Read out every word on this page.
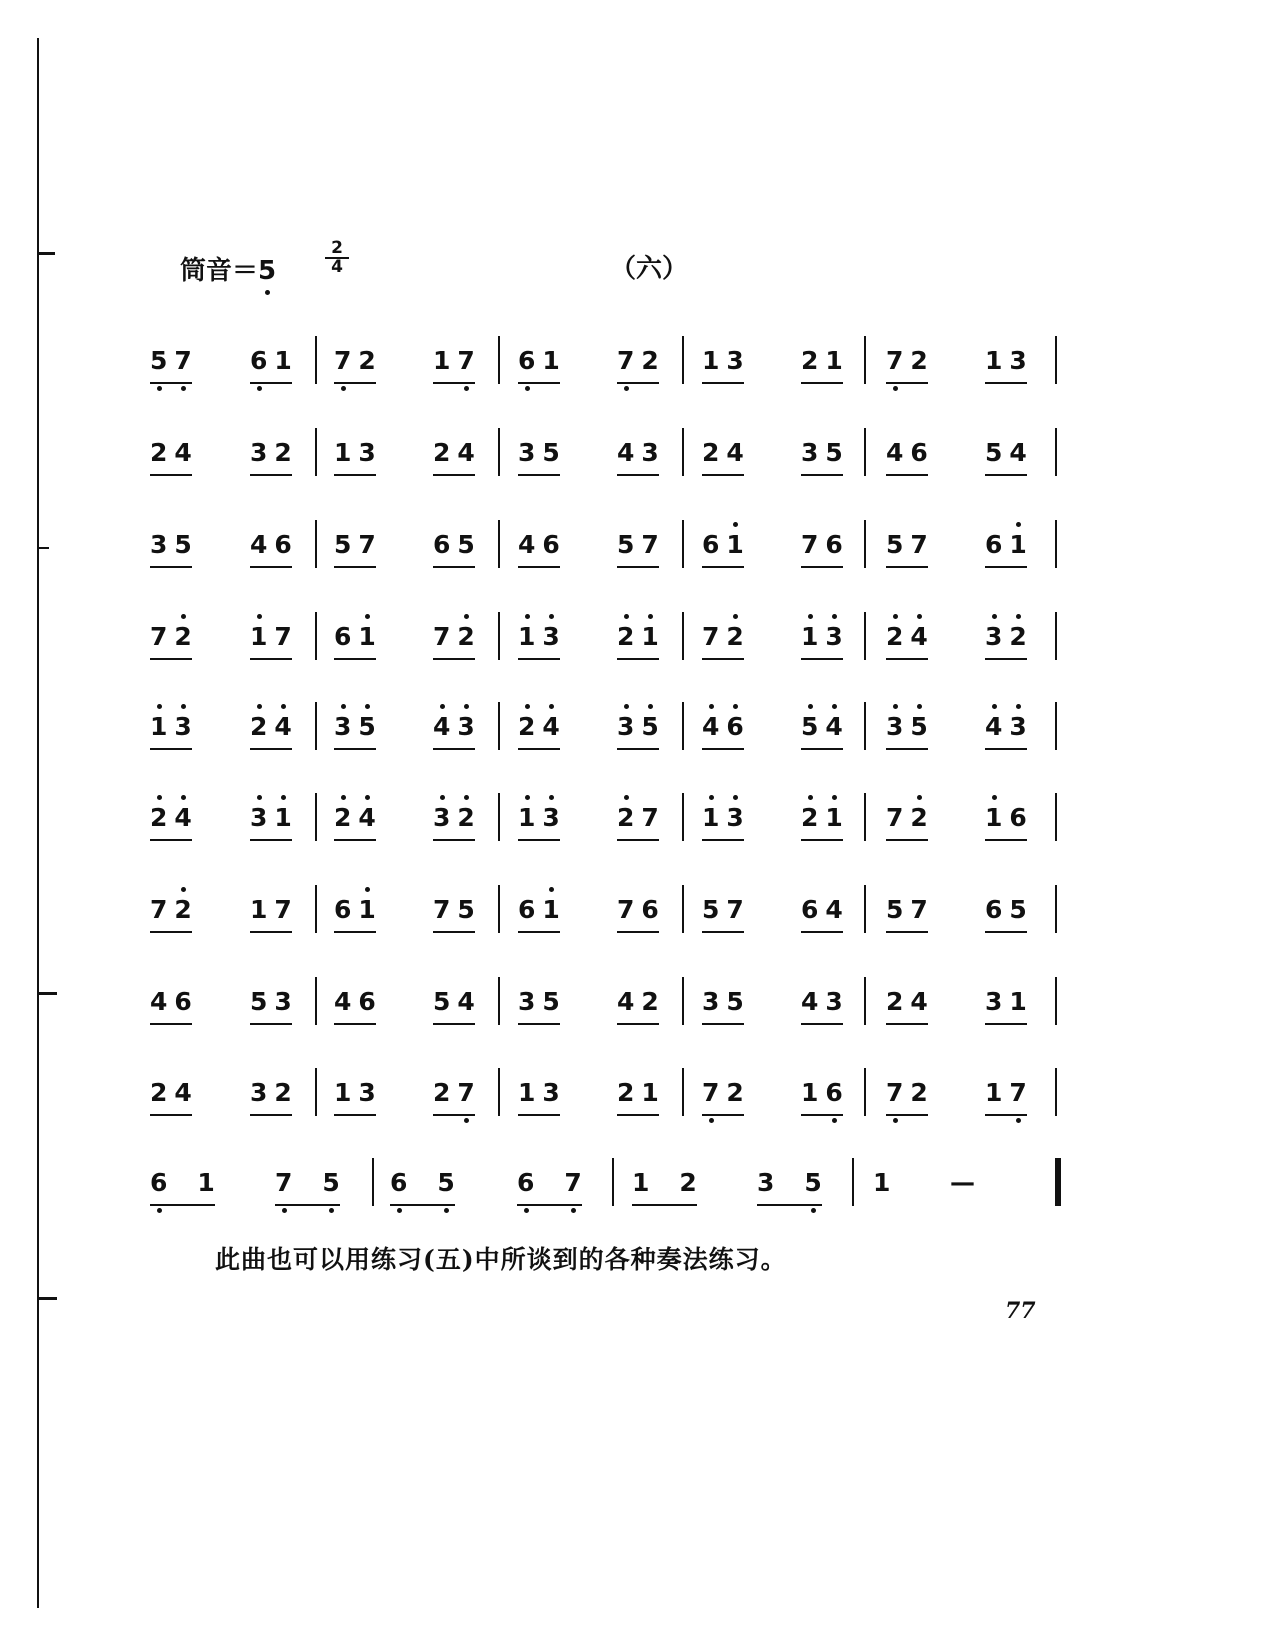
筒音＝5
2
4	（六）
5 7 6 1 7 2 1 7 6 1 7 2 1 3 2 1 7 2 1 3
2 4 3 2 1 3 2 4 3 5 4 3 2 4 3 5 4 6 5 4
3 5 4 6 5 7 6 5 4 6 5 7 6 1 7 6 5 7 6 1
7 2 1 7 6 1 7 2 1 3 2 1 7 2 1 3 2 4 3 2
1 3 2 4 3 5 4 3 2 4 3 5 4 6 5 4 3 5 4 3
2 4 3 1 2 4 3 2 1 3 2 7 1 3 2 1 7 2 1 6
7 2 1 7 6 1 7 5 6 1 7 6 5 7 6 4 5 7 6 5
4 6 5 3 4 6 5 4 3 5 4 2 3 5 4 3 2 4 3 1
2 4 3 2 1 3 2 7 1 3 2 1 7 2 1 6 7 2 1 7
6 1 7 5 6 5 6 7 1 2 3 5 1 —
此曲也可以用练习(五)中所谈到的各种奏法练习。
77
